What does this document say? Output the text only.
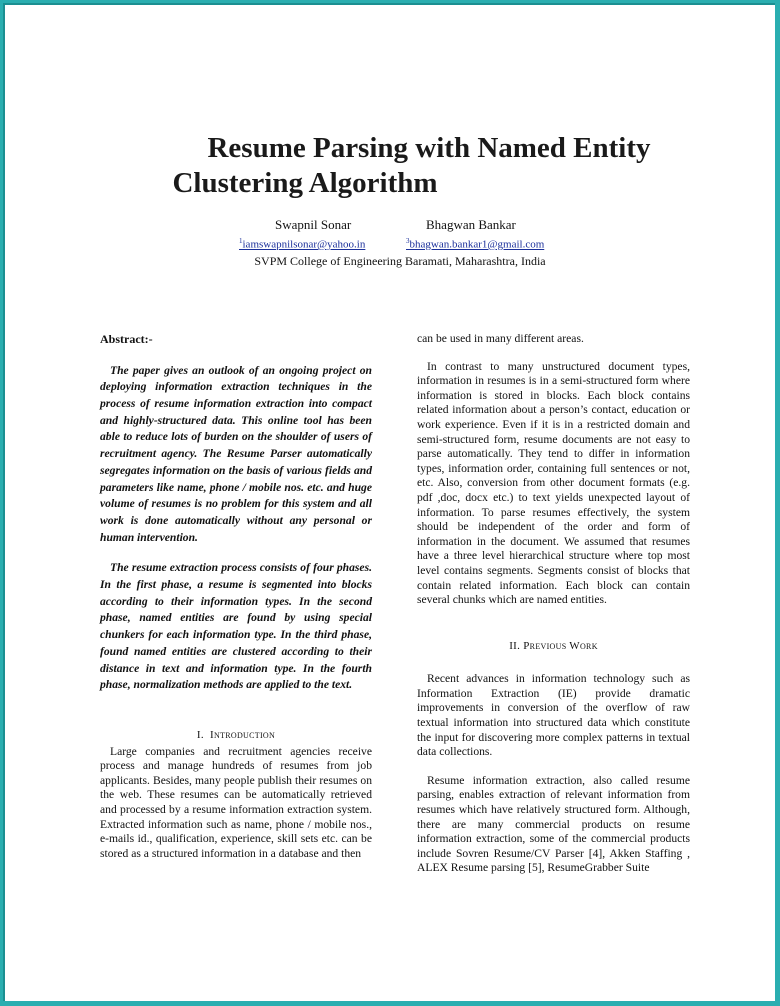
Resume Parsing with Named Entity
Clustering Algorithm
Swapnil Sonar	Bhagwan Bankar
$^1$iamswapnilsonar@yahoo.in	$^3$bhagwan.bankar1@gmail.com
SVPM College of Engineering Baramati, Maharashtra, India

Abstract:-

The paper gives an outlook of an ongoing project on deploying information extraction techniques in the process of resume information extraction into compact and highly-structured data. This online tool has been able to reduce lots of burden on the shoulder of users of recruitment agency. The Resume Parser automatically segregates information on the basis of various fields and parameters like name, phone / mobile nos. etc. and huge volume of resumes is no problem for this system and all work is done automatically without any personal or human intervention.

The resume extraction process consists of four phases. In the first phase, a resume is segmented into blocks according to their information types. In the second phase, named entities are found by using special chunkers for each information type. In the third phase, found named entities are clustered according to their distance in text and information type. In the fourth phase, normalization methods are applied to the text.

I. Introduction

Large companies and recruitment agencies receive process and manage hundreds of resumes from job applicants. Besides, many people publish their resumes on the web. These resumes can be automatically retrieved and processed by a resume information extraction system. Extracted information such as name, phone / mobile nos., e-mails id., qualification, experience, skill sets etc. can be stored as a structured information in a database and then

can be used in many different areas.

In contrast to many unstructured document types, information in resumes is in a semi-structured form where information is stored in blocks. Each block contains related information about a person’s contact, education or work experience. Even if it is in a restricted domain and semi-structured form, resume documents are not easy to parse automatically. They tend to differ in information types, information order, containing full sentences or not, etc. Also, conversion from other document formats (e.g. pdf ,doc, docx etc.) to text yields unexpected layout of information. To parse resumes effectively, the system should be independent of the order and form of information in the document. We assumed that resumes have a three level hierarchical structure where top most level contains segments. Segments consist of blocks that contain related information. Each block can contain several chunks which are named entities.

II. Previous Work

Recent advances in information technology such as Information Extraction (IE) provide dramatic improvements in conversion of the overflow of raw textual information into structured data which constitute the input for discovering more complex patterns in textual data collections.

Resume information extraction, also called resume parsing, enables extraction of relevant information from resumes which have relatively structured form. Although, there are many commercial products on resume information extraction, some of the commercial products include Sovren Resume/CV Parser [4], Akken Staffing , ALEX Resume parsing [5], ResumeGrabber Suite
